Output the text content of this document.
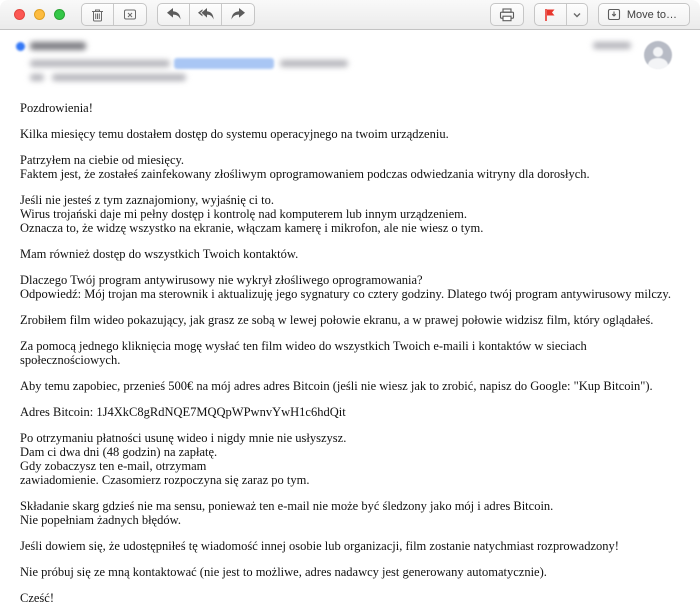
Move to…

Pozdrowienia!

Kilka miesięcy temu dostałem dostęp do systemu operacyjnego na twoim urządzeniu.

Patrzyłem na ciebie od miesięcy.
Faktem jest, że zostałeś zainfekowany złośliwym oprogramowaniem podczas odwiedzania witryny dla dorosłych.

Jeśli nie jesteś z tym zaznajomiony, wyjaśnię ci to.
Wirus trojański daje mi pełny dostęp i kontrolę nad komputerem lub innym urządzeniem.
Oznacza to, że widzę wszystko na ekranie, włączam kamerę i mikrofon, ale nie wiesz o tym.

Mam również dostęp do wszystkich Twoich kontaktów.

Dlaczego Twój program antywirusowy nie wykrył złośliwego oprogramowania?
Odpowiedź: Mój trojan ma sterownik i aktualizuję jego sygnatury co cztery godziny. Dlatego twój program antywirusowy milczy.

Zrobiłem film wideo pokazujący, jak grasz ze sobą w lewej połowie ekranu, a w prawej połowie widzisz film, który oglądałeś.

Za pomocą jednego kliknięcia mogę wysłać ten film wideo do wszystkich Twoich e-maili i kontaktów w sieciach społecznościowych.

Aby temu zapobiec, przenieś 500€ na mój adres adres Bitcoin (jeśli nie wiesz jak to zrobić, napisz do Google: "Kup Bitcoin").

Adres Bitcoin: 1J4XkC8gRdNQE7MQQpWPwnvYwH1c6hdQit

Po otrzymaniu płatności usunę wideo i nigdy mnie nie usłyszysz.
Dam ci dwa dni (48 godzin) na zapłatę.
Gdy zobaczysz ten e-mail, otrzymam
zawiadomienie. Czasomierz rozpoczyna się zaraz po tym.

Składanie skarg gdzieś nie ma sensu, ponieważ ten e-mail nie może być śledzony jako mój i adres Bitcoin.
Nie popełniam żadnych błędów.

Jeśli dowiem się, że udostępniłeś tę wiadomość innej osobie lub organizacji, film zostanie natychmiast rozprowadzony!

Nie próbuj się ze mną kontaktować (nie jest to możliwe, adres nadawcy jest generowany automatycznie).

Cześć!
